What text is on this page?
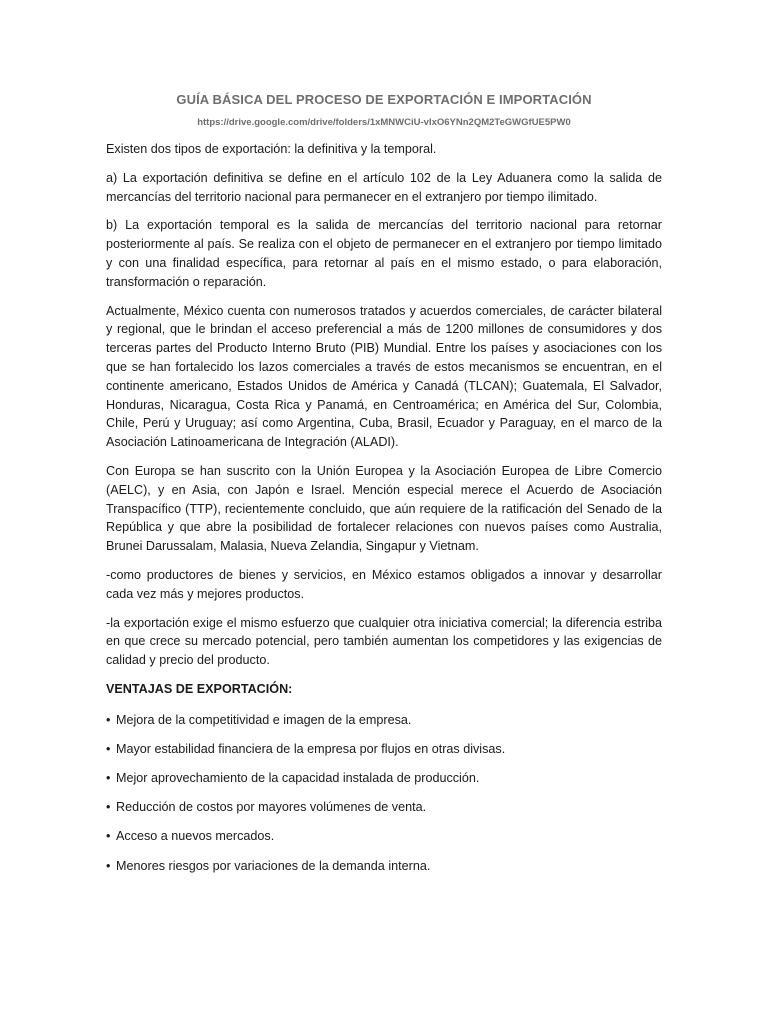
GUÍA BÁSICA DEL PROCESO DE EXPORTACIÓN E IMPORTACIÓN
https://drive.google.com/drive/folders/1xMNWCiU-vIxO6YNn2QM2TeGWGfUE5PW0

Existen dos tipos de exportación: la definitiva y la temporal.

a) La exportación definitiva se define en el artículo 102 de la Ley Aduanera como la salida de mercancías del territorio nacional para permanecer en el extranjero por tiempo ilimitado.

b) La exportación temporal es la salida de mercancías del territorio nacional para retornar posteriormente al país. Se realiza con el objeto de permanecer en el extranjero por tiempo limitado y con una finalidad específica, para retornar al país en el mismo estado, o para elaboración, transformación o reparación.

Actualmente, México cuenta con numerosos tratados y acuerdos comerciales, de carácter bilateral y regional, que le brindan el acceso preferencial a más de 1200 millones de consumidores y dos terceras partes del Producto Interno Bruto (PIB) Mundial. Entre los países y asociaciones con los que se han fortalecido los lazos comerciales a través de estos mecanismos se encuentran, en el continente americano, Estados Unidos de América y Canadá (TLCAN); Guatemala, El Salvador, Honduras, Nicaragua, Costa Rica y Panamá, en Centroamérica; en América del Sur, Colombia, Chile, Perú y Uruguay; así como Argentina, Cuba, Brasil, Ecuador y Paraguay, en el marco de la Asociación Latinoamericana de Integración (ALADI).

Con Europa se han suscrito con la Unión Europea y la Asociación Europea de Libre Comercio (AELC), y en Asia, con Japón e Israel. Mención especial merece el Acuerdo de Asociación Transpacífico (TTP), recientemente concluido, que aún requiere de la ratificación del Senado de la República y que abre la posibilidad de fortalecer relaciones con nuevos países como Australia, Brunei Darussalam, Malasia, Nueva Zelandia, Singapur y Vietnam.

-como productores de bienes y servicios, en México estamos obligados a innovar y desarrollar cada vez más y mejores productos.

-la exportación exige el mismo esfuerzo que cualquier otra iniciativa comercial; la diferencia estriba en que crece su mercado potencial, pero también aumentan los competidores y las exigencias de calidad y precio del producto.

VENTAJAS DE EXPORTACIÓN:

• Mejora de la competitividad e imagen de la empresa.

• Mayor estabilidad financiera de la empresa por flujos en otras divisas.

• Mejor aprovechamiento de la capacidad instalada de producción.

• Reducción de costos por mayores volúmenes de venta.

• Acceso a nuevos mercados.

• Menores riesgos por variaciones de la demanda interna.
